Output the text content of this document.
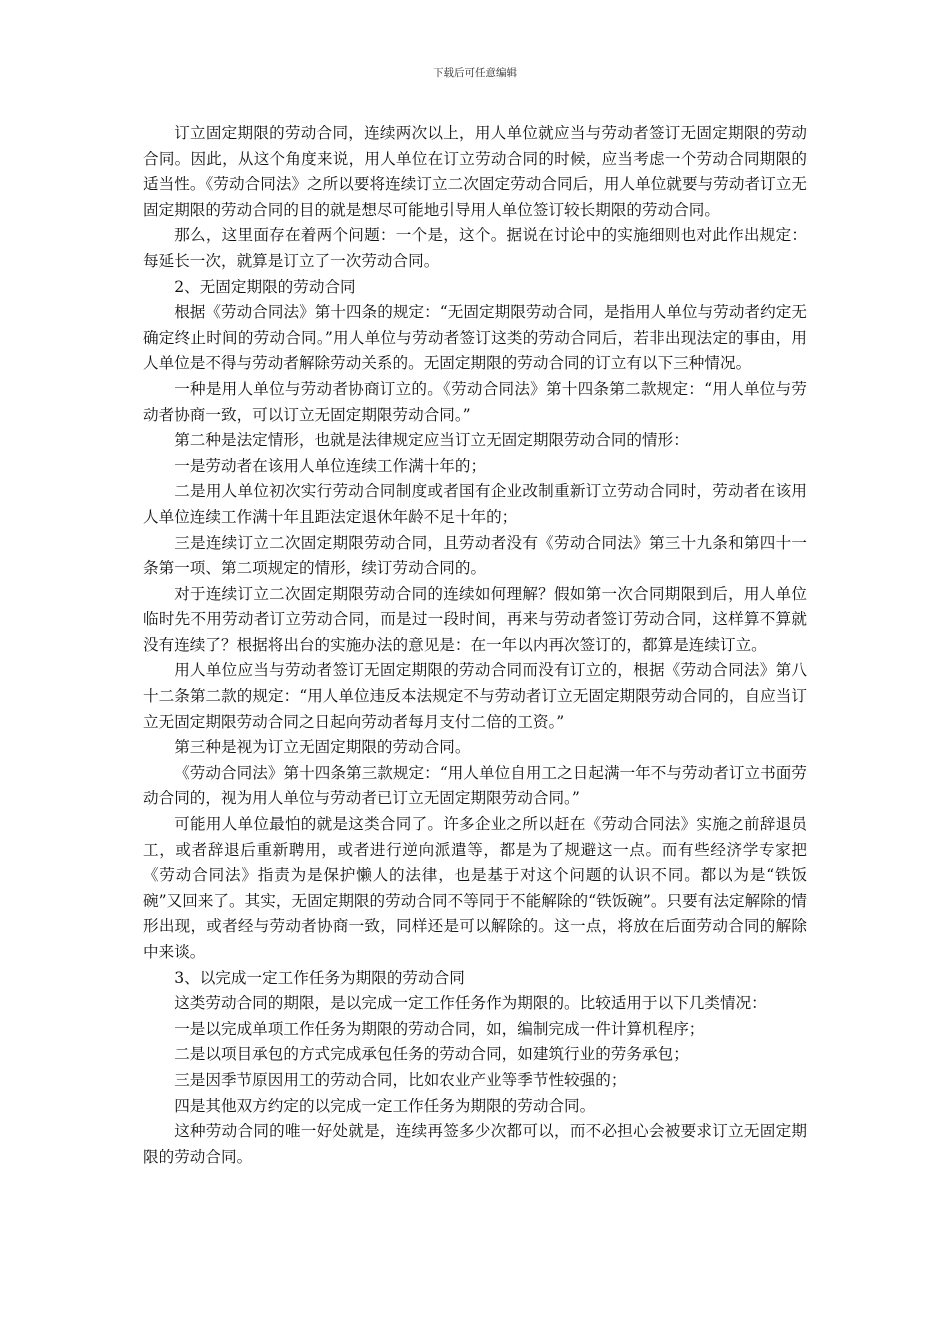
下载后可任意编辑

订立固定期限的劳动合同，连续两次以上，用人单位就应当与劳动者签订无固定期限的劳动合同。因此，从这个角度来说，用人单位在订立劳动合同的时候，应当考虑一个劳动合同期限的适当性。《劳动合同法》之所以要将连续订立二次固定劳动合同后，用人单位就要与劳动者订立无固定期限的劳动合同的目的就是想尽可能地引导用人单位签订较长期限的劳动合同。

那么，这里面存在着两个问题：一个是，这个。据说在讨论中的实施细则也对此作出规定：每延长一次，就算是订立了一次劳动合同。

2、无固定期限的劳动合同

根据《劳动合同法》第十四条的规定：“无固定期限劳动合同，是指用人单位与劳动者约定无确定终止时间的劳动合同。”用人单位与劳动者签订这类的劳动合同后，若非出现法定的事由，用人单位是不得与劳动者解除劳动关系的。无固定期限的劳动合同的订立有以下三种情况。

一种是用人单位与劳动者协商订立的。《劳动合同法》第十四条第二款规定：“用人单位与劳动者协商一致，可以订立无固定期限劳动合同。”

第二种是法定情形，也就是法律规定应当订立无固定期限劳动合同的情形：

一是劳动者在该用人单位连续工作满十年的；

二是用人单位初次实行劳动合同制度或者国有企业改制重新订立劳动合同时，劳动者在该用人单位连续工作满十年且距法定退休年龄不足十年的；

三是连续订立二次固定期限劳动合同，且劳动者没有《劳动合同法》第三十九条和第四十一条第一项、第二项规定的情形，续订劳动合同的。

对于连续订立二次固定期限劳动合同的连续如何理解？假如第一次合同期限到后，用人单位临时先不用劳动者订立劳动合同，而是过一段时间，再来与劳动者签订劳动合同，这样算不算就没有连续了？根据将出台的实施办法的意见是：在一年以内再次签订的，都算是连续订立。

用人单位应当与劳动者签订无固定期限的劳动合同而没有订立的，根据《劳动合同法》第八十二条第二款的规定：“用人单位违反本法规定不与劳动者订立无固定期限劳动合同的，自应当订立无固定期限劳动合同之日起向劳动者每月支付二倍的工资。”

第三种是视为订立无固定期限的劳动合同。

《劳动合同法》第十四条第三款规定：“用人单位自用工之日起满一年不与劳动者订立书面劳动合同的，视为用人单位与劳动者已订立无固定期限劳动合同。”

可能用人单位最怕的就是这类合同了。许多企业之所以赶在《劳动合同法》实施之前辞退员工，或者辞退后重新聘用，或者进行逆向派遣等，都是为了规避这一点。而有些经济学专家把《劳动合同法》指责为是保护懒人的法律，也是基于对这个问题的认识不同。都以为是“铁饭碗”又回来了。其实，无固定期限的劳动合同不等同于不能解除的“铁饭碗”。只要有法定解除的情形出现，或者经与劳动者协商一致，同样还是可以解除的。这一点，将放在后面劳动合同的解除中来谈。

3、以完成一定工作任务为期限的劳动合同

这类劳动合同的期限，是以完成一定工作任务作为期限的。比较适用于以下几类情况：

一是以完成单项工作任务为期限的劳动合同，如，编制完成一件计算机程序；

二是以项目承包的方式完成承包任务的劳动合同，如建筑行业的劳务承包；

三是因季节原因用工的劳动合同，比如农业产业等季节性较强的；

四是其他双方约定的以完成一定工作任务为期限的劳动合同。

这种劳动合同的唯一好处就是，连续再签多少次都可以，而不必担心会被要求订立无固定期限的劳动合同。
